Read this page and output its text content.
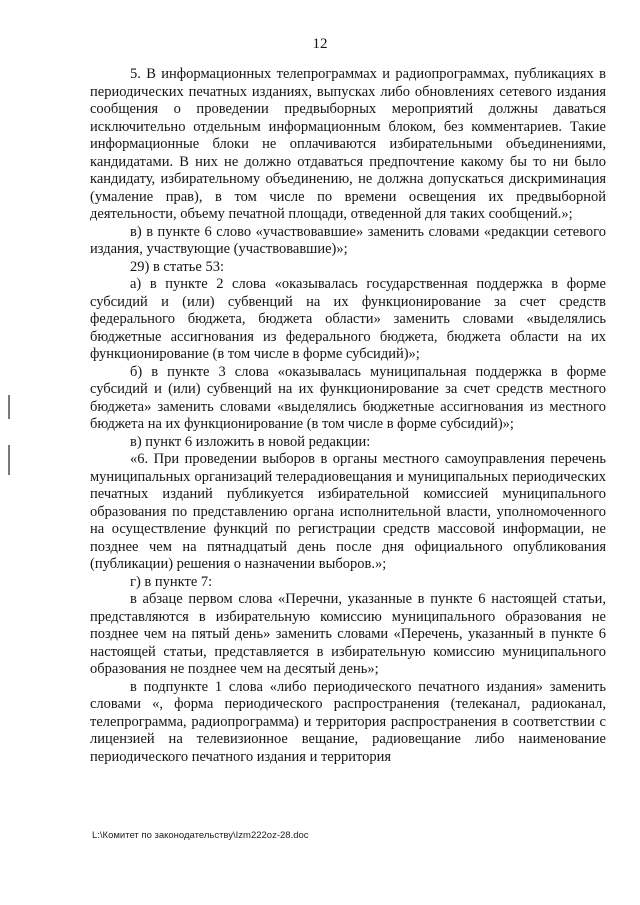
12

5. В информационных телепрограммах и радиопрограммах, публикациях в периодических печатных изданиях, выпусках либо обновлениях сетевого издания сообщения о проведении предвыборных мероприятий должны даваться исключительно отдельным информационным блоком, без комментариев. Такие информационные блоки не оплачиваются избирательными объединениями, кандидатами. В них не должно отдаваться предпочтение какому бы то ни было кандидату, избирательному объединению, не должна допускаться дискриминация (умаление прав), в том числе по времени освещения их предвыборной деятельности, объему печатной площади, отведенной для таких сообщений.»;

в) в пункте 6 слово «участвовавшие» заменить словами «редакции сетевого издания, участвующие (участвовавшие)»;

29) в статье 53:

а) в пункте 2 слова «оказывалась государственная поддержка в форме субсидий и (или) субвенций на их функционирование за счет средств федерального бюджета, бюджета области» заменить словами «выделялись бюджетные ассигнования из федерального бюджета, бюджета области на их функционирование (в том числе в форме субсидий)»;

б) в пункте 3 слова «оказывалась муниципальная поддержка в форме субсидий и (или) субвенций на их функционирование за счет средств местного бюджета» заменить словами «выделялись бюджетные ассигнования из местного бюджета на их функционирование (в том числе в форме субсидий)»;

в) пункт 6 изложить в новой редакции:

«6. При проведении выборов в органы местного самоуправления перечень муниципальных организаций телерадиовещания и муниципальных периодических печатных изданий публикуется избирательной комиссией муниципального образования по представлению органа исполнительной власти, уполномоченного на осуществление функций по регистрации средств массовой информации, не позднее чем на пятнадцатый день после дня официального опубликования (публикации) решения о назначении выборов.»;

г) в пункте 7:

в абзаце первом слова «Перечни, указанные в пункте 6 настоящей статьи, представляются в избирательную комиссию муниципального образования не позднее чем на пятый день» заменить словами «Перечень, указанный в пункте 6 настоящей статьи, представляется в избирательную комиссию муниципального образования не позднее чем на десятый день»;

в подпункте 1 слова «либо периодического печатного издания» заменить словами «, форма периодического распространения (телеканал, радиоканал, телепрограмма, радиопрограмма) и территория распространения в соответствии с лицензией на телевизионное вещание, радиовещание либо наименование периодического печатного издания и территория

L:\Комитет по законодательству\Izm222oz-28.doc
